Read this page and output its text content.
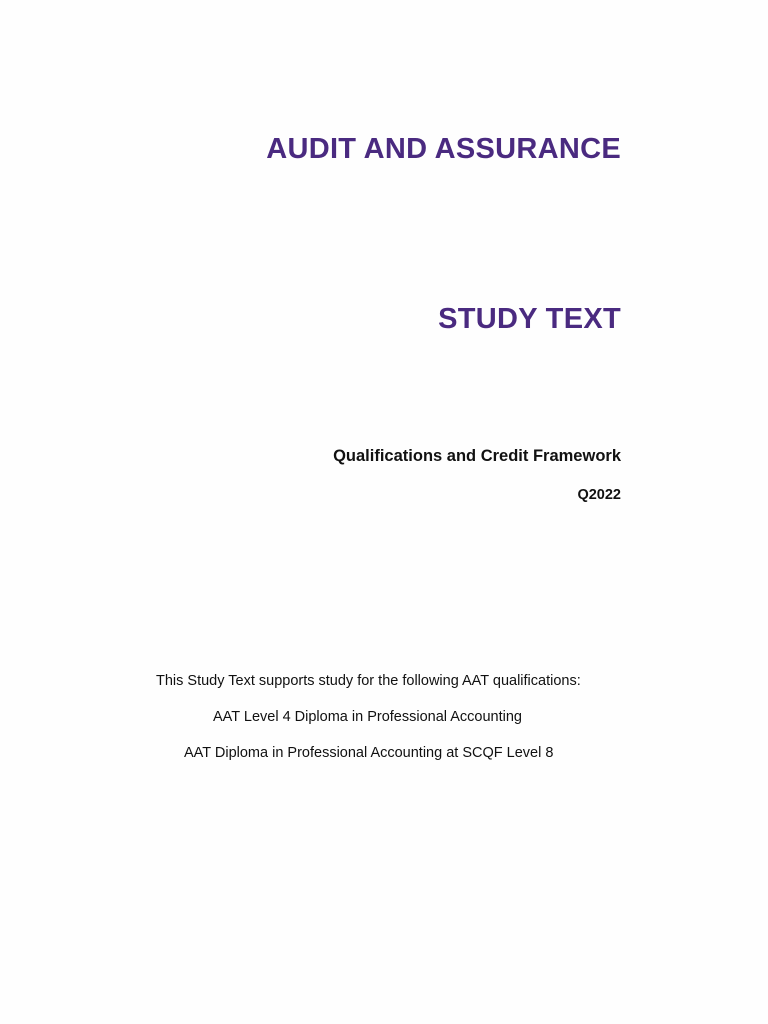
AUDIT AND ASSURANCE
STUDY TEXT
Qualifications and Credit Framework
Q2022
This Study Text supports study for the following AAT qualifications:
AAT Level 4 Diploma in Professional Accounting
AAT Diploma in Professional Accounting at SCQF Level 8
